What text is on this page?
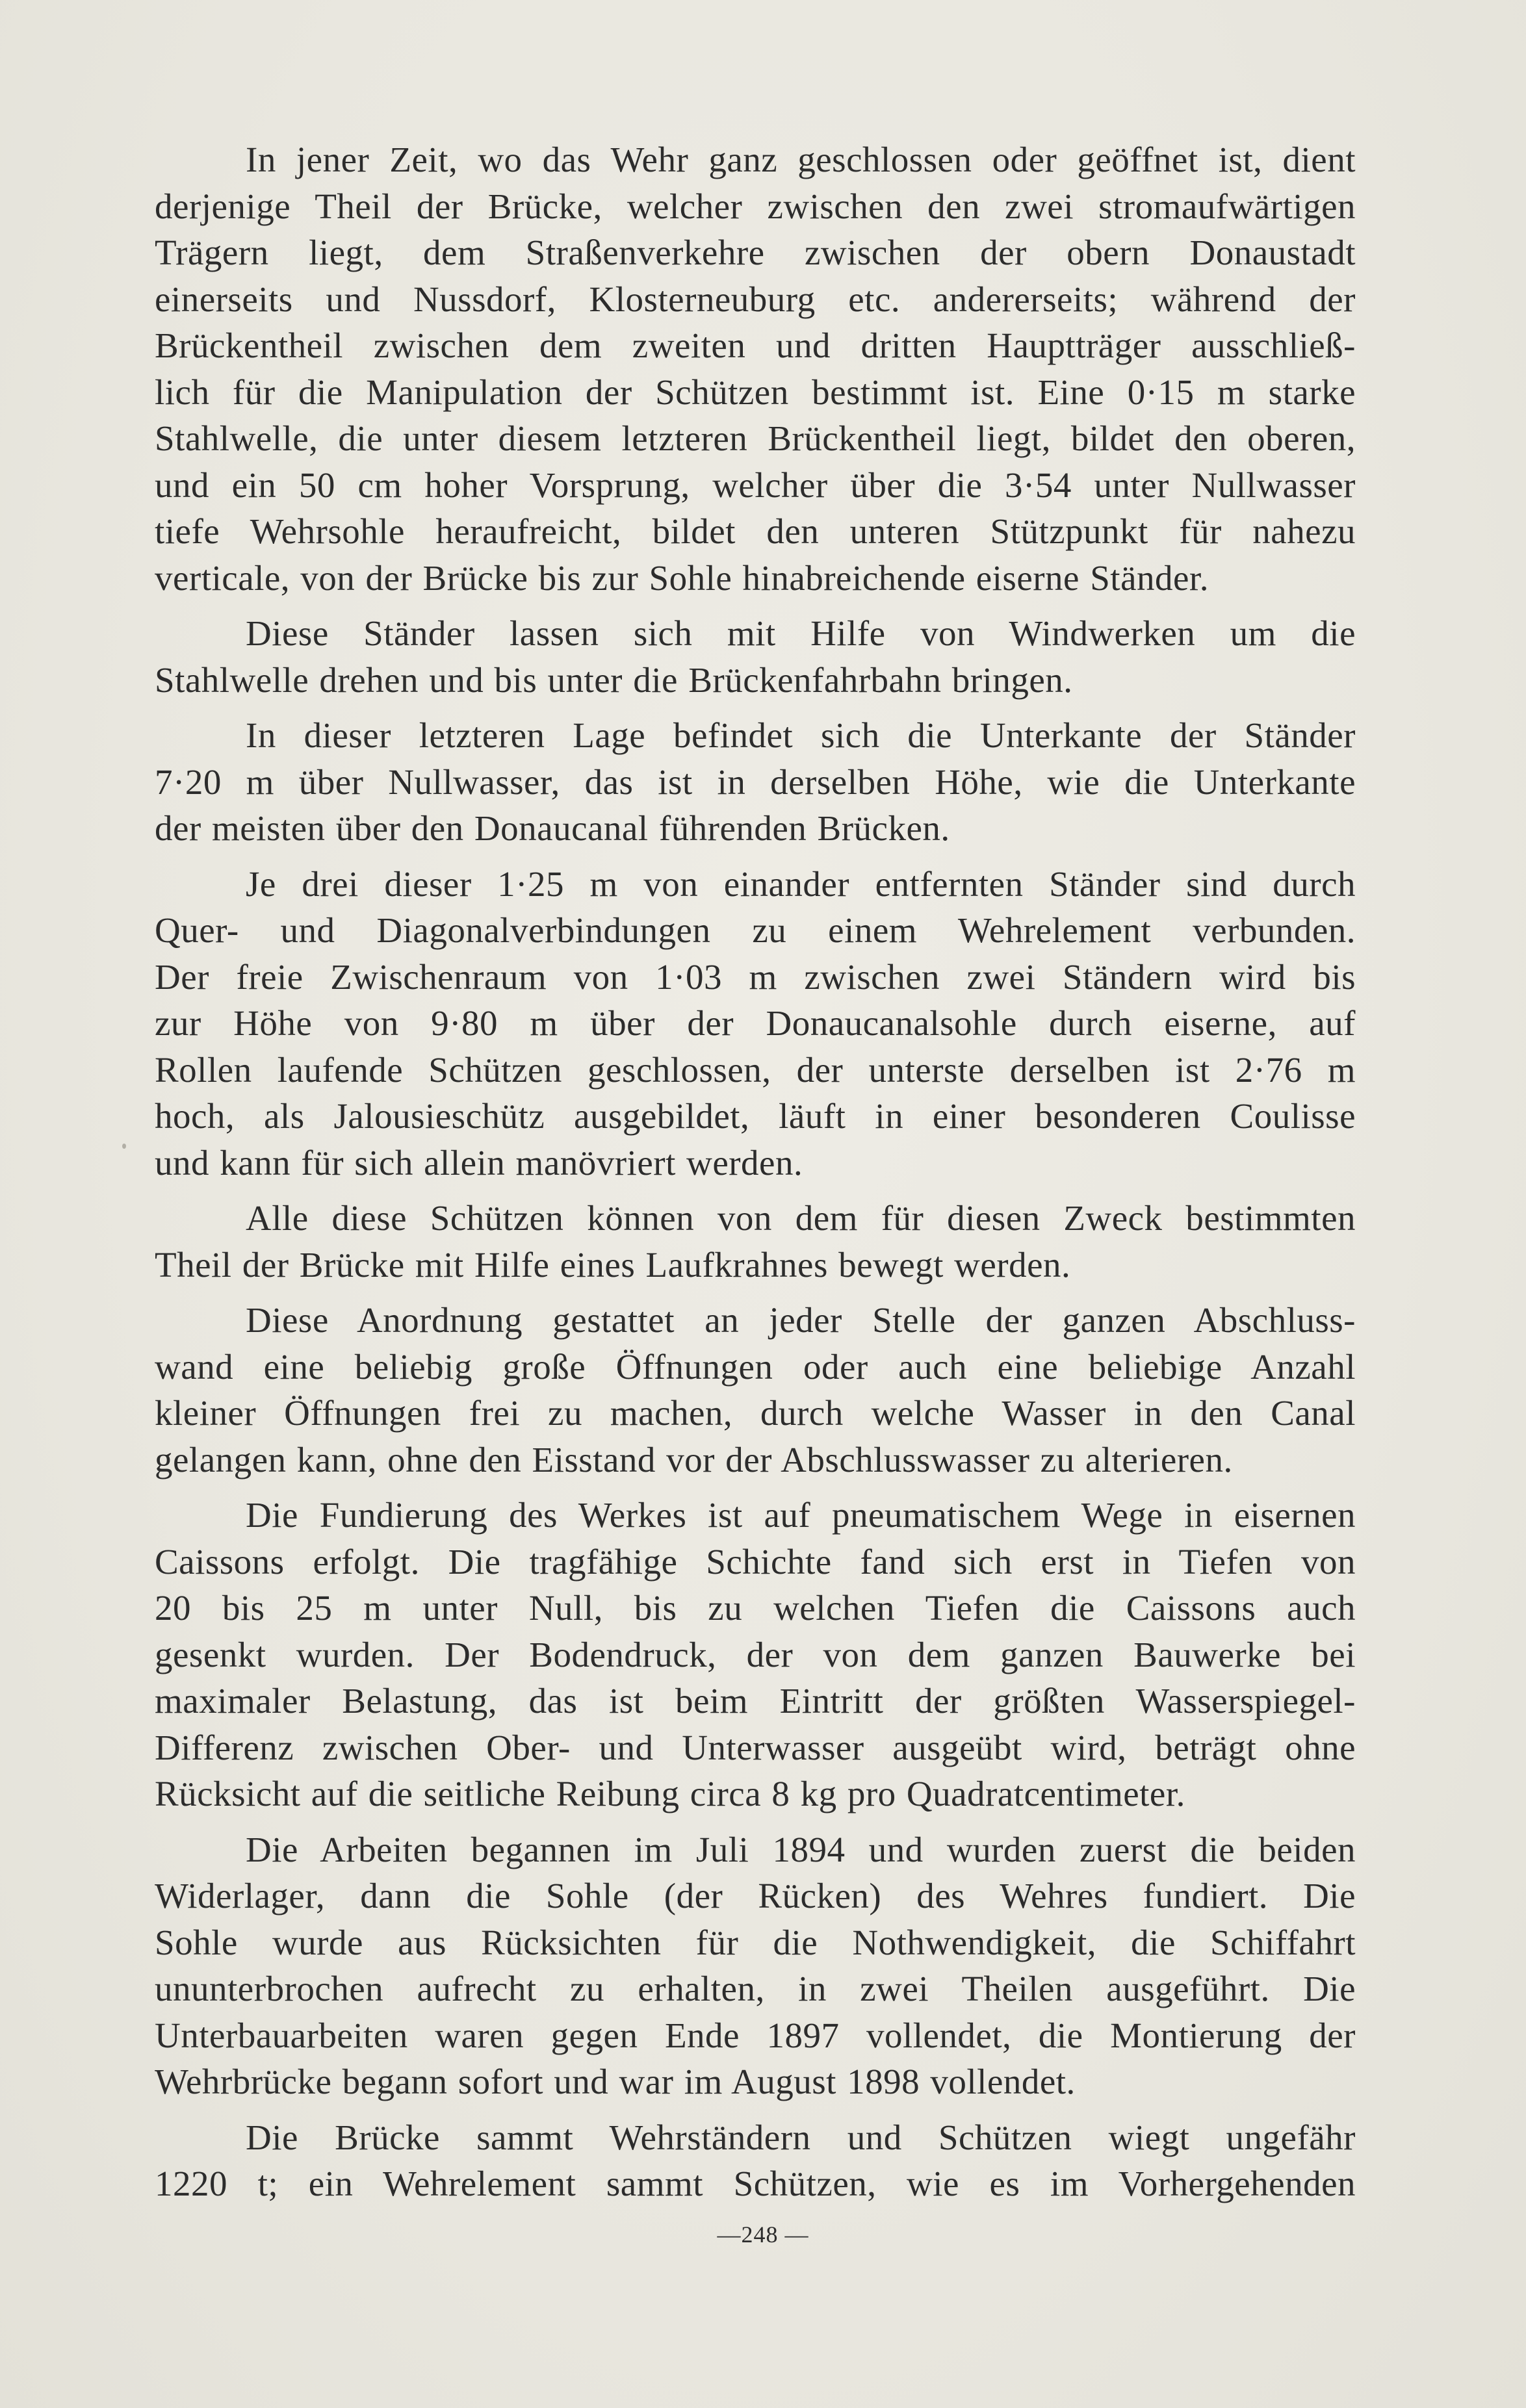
In jener Zeit, wo das Wehr ganz geschlossen oder geöffnet ist, dient
derjenige Theil der Brücke, welcher zwischen den zwei stromaufwärtigen
Trägern liegt, dem Straßenverkehre zwischen der obern Donaustadt
einerseits und Nussdorf, Klosterneuburg etc. andererseits; während der
Brückentheil zwischen dem zweiten und dritten Hauptträger ausschließ-
lich für die Manipulation der Schützen bestimmt ist. Eine 0·15 m starke
Stahlwelle, die unter diesem letzteren Brückentheil liegt, bildet den oberen,
und ein 50 cm hoher Vorsprung, welcher über die 3·54 unter Nullwasser
tiefe Wehrsohle heraufreicht, bildet den unteren Stützpunkt für nahezu
verticale, von der Brücke bis zur Sohle hinabreichende eiserne Ständer.
Diese Ständer lassen sich mit Hilfe von Windwerken um die
Stahlwelle drehen und bis unter die Brückenfahrbahn bringen.
In dieser letzteren Lage befindet sich die Unterkante der Ständer
7·20 m über Nullwasser, das ist in derselben Höhe, wie die Unterkante
der meisten über den Donaucanal führenden Brücken.
Je drei dieser 1·25 m von einander entfernten Ständer sind durch
Quer- und Diagonalverbindungen zu einem Wehrelement verbunden.
Der freie Zwischenraum von 1·03 m zwischen zwei Ständern wird bis
zur Höhe von 9·80 m über der Donaucanalsohle durch eiserne, auf
Rollen laufende Schützen geschlossen, der unterste derselben ist 2·76 m
hoch, als Jalousieschütz ausgebildet, läuft in einer besonderen Coulisse
und kann für sich allein manövriert werden.
Alle diese Schützen können von dem für diesen Zweck bestimmten
Theil der Brücke mit Hilfe eines Laufkrahnes bewegt werden.
Diese Anordnung gestattet an jeder Stelle der ganzen Abschluss-
wand eine beliebig große Öffnungen oder auch eine beliebige Anzahl
kleiner Öffnungen frei zu machen, durch welche Wasser in den Canal
gelangen kann, ohne den Eisstand vor der Abschlusswasser zu alterieren.
Die Fundierung des Werkes ist auf pneumatischem Wege in eisernen
Caissons erfolgt. Die tragfähige Schichte fand sich erst in Tiefen von
20 bis 25 m unter Null, bis zu welchen Tiefen die Caissons auch
gesenkt wurden. Der Bodendruck, der von dem ganzen Bauwerke bei
maximaler Belastung, das ist beim Eintritt der größten Wasserspiegel-
Differenz zwischen Ober- und Unterwasser ausgeübt wird, beträgt ohne
Rücksicht auf die seitliche Reibung circa 8 kg pro Quadratcentimeter.
Die Arbeiten begannen im Juli 1894 und wurden zuerst die beiden
Widerlager, dann die Sohle (der Rücken) des Wehres fundiert. Die
Sohle wurde aus Rücksichten für die Nothwendigkeit, die Schiffahrt
ununterbrochen aufrecht zu erhalten, in zwei Theilen ausgeführt. Die
Unterbauarbeiten waren gegen Ende 1897 vollendet, die Montierung der
Wehrbrücke begann sofort und war im August 1898 vollendet.
Die Brücke sammt Wehrständern und Schützen wiegt ungefähr
1220 t; ein Wehrelement sammt Schützen, wie es im Vorhergehenden
—248 —
